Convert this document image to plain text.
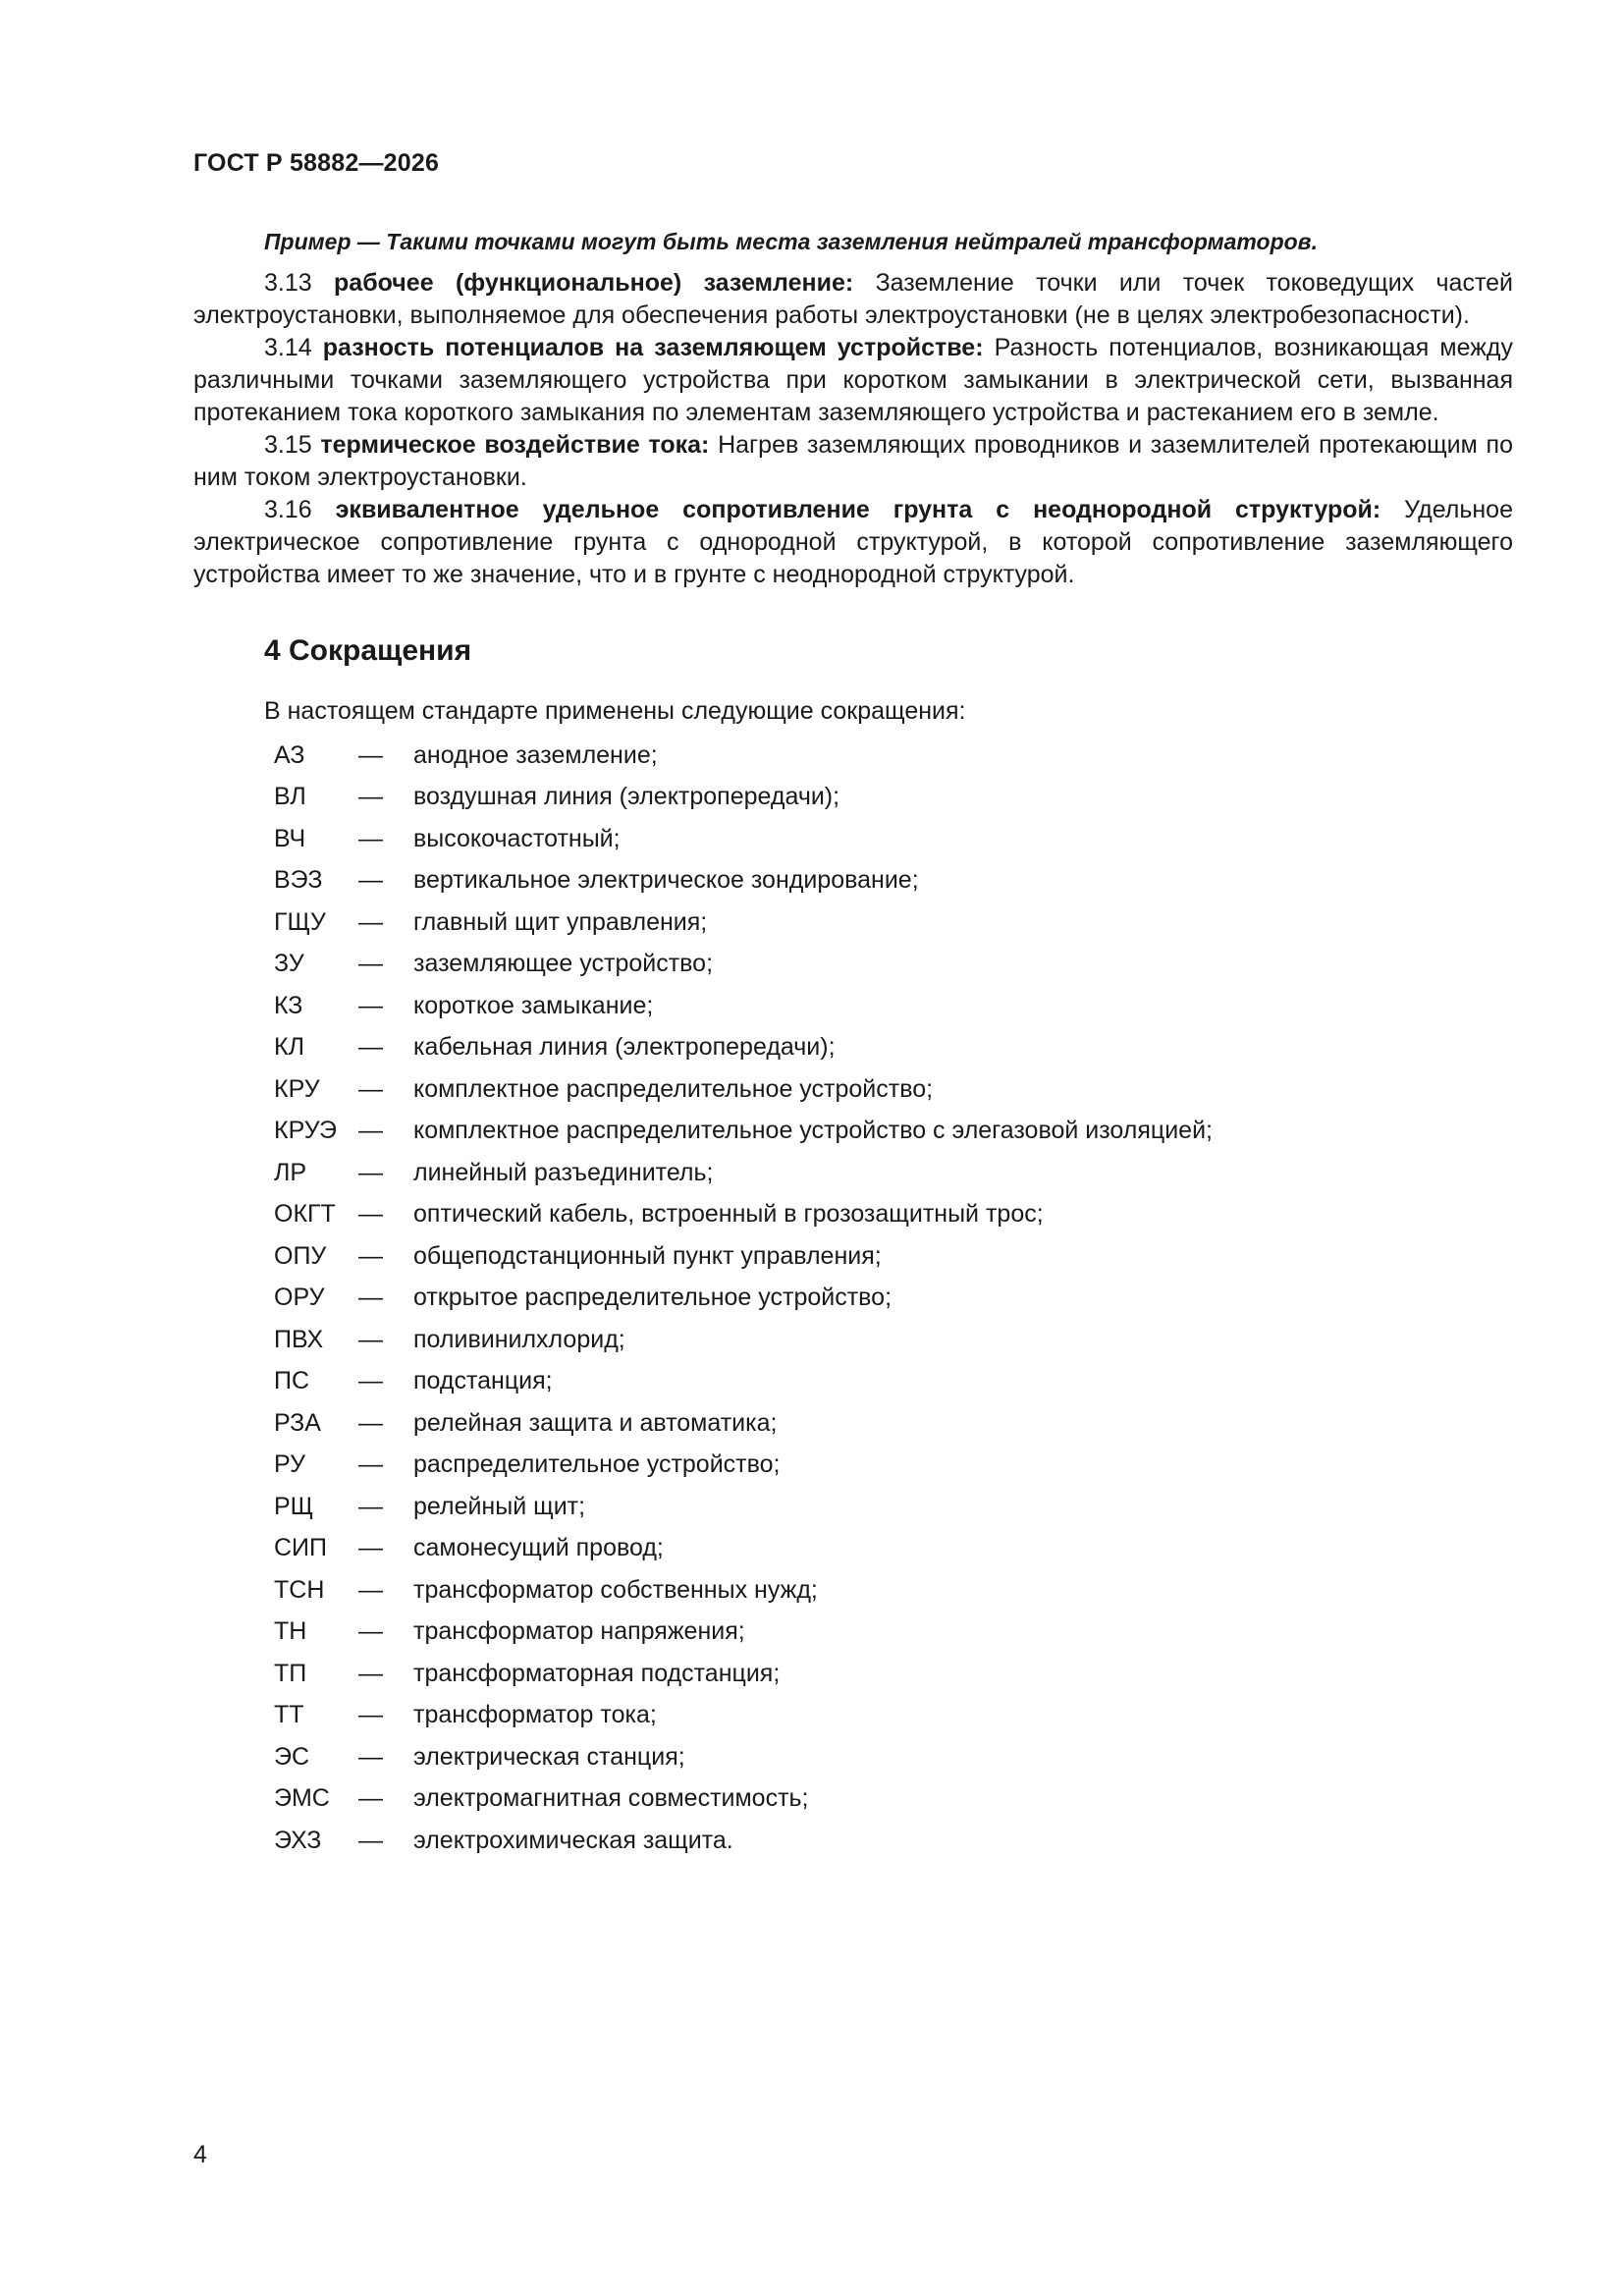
ГОСТ Р 58882—2026

Пример — Такими точками могут быть места заземления нейтралей трансформаторов.

3.13 рабочее (функциональное) заземление: Заземление точки или точек токоведущих частей электроустановки, выполняемое для обеспечения работы электроустановки (не в целях электробезопасности).

3.14 разность потенциалов на заземляющем устройстве: Разность потенциалов, возникающая между различными точками заземляющего устройства при коротком замыкании в электрической сети, вызванная протеканием тока короткого замыкания по элементам заземляющего устройства и растеканием его в земле.

3.15 термическое воздействие тока: Нагрев заземляющих проводников и заземлителей протекающим по ним током электроустановки.

3.16 эквивалентное удельное сопротивление грунта с неоднородной структурой: Удельное электрическое сопротивление грунта с однородной структурой, в которой сопротивление заземляющего устройства имеет то же значение, что и в грунте с неоднородной структурой.

4 Сокращения

В настоящем стандарте применены следующие сокращения:

АЗ	—	анодное заземление;
ВЛ	—	воздушная линия (электропередачи);
ВЧ	—	высокочастотный;
ВЭЗ	—	вертикальное электрическое зондирование;
ГЩУ	—	главный щит управления;
ЗУ	—	заземляющее устройство;
КЗ	—	короткое замыкание;
КЛ	—	кабельная линия (электропередачи);
КРУ	—	комплектное распределительное устройство;
КРУЭ —	комплектное распределительное устройство с элегазовой изоляцией;
ЛР	—	линейный разъединитель;
ОКГТ —	оптический кабель, встроенный в грозозащитный трос;
ОПУ	—	общеподстанционный пункт управления;
ОРУ	—	открытое распределительное устройство;
ПВХ	—	поливинилхлорид;
ПС	—	подстанция;
РЗА	—	релейная защита и автоматика;
РУ	—	распределительное устройство;
РЩ	—	релейный щит;
СИП	—	самонесущий провод;
ТСН	—	трансформатор собственных нужд;
ТН	—	трансформатор напряжения;
ТП	—	трансформаторная подстанция;
ТТ	—	трансформатор тока;
ЭС	—	электрическая станция;
ЭМС	—	электромагнитная совместимость;
ЭХЗ	—	электрохимическая защита.
4
